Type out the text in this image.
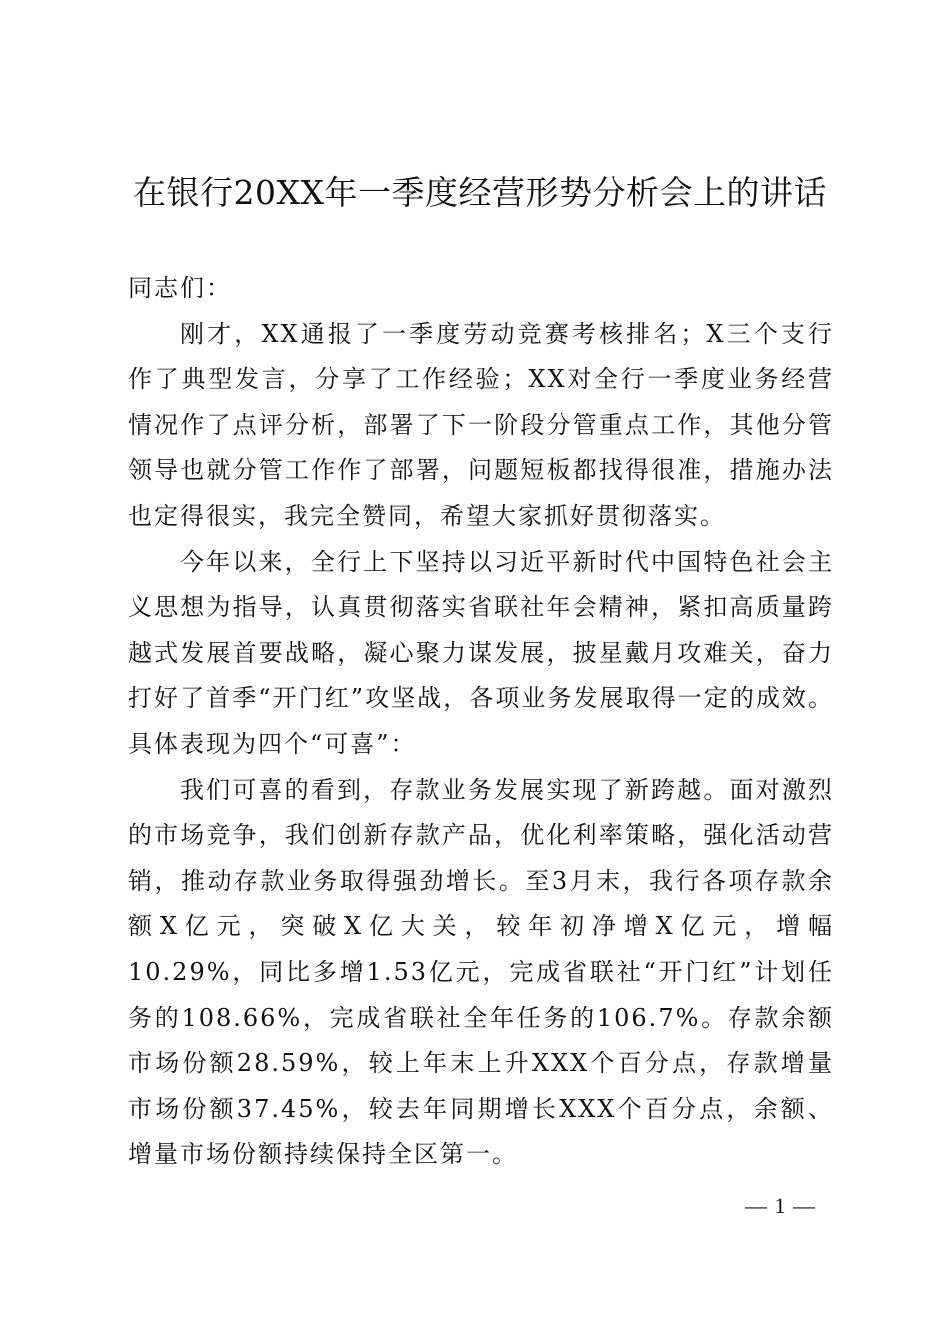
在银行20XX年一季度经营形势分析会上的讲话

同志们：

刚才，XX通报了一季度劳动竞赛考核排名；X三个支行作了典型发言，分享了工作经验；XX对全行一季度业务经营情况作了点评分析，部署了下一阶段分管重点工作，其他分管领导也就分管工作作了部署，问题短板都找得很准，措施办法也定得很实，我完全赞同，希望大家抓好贯彻落实。

今年以来，全行上下坚持以习近平新时代中国特色社会主义思想为指导，认真贯彻落实省联社年会精神，紧扣高质量跨越式发展首要战略，凝心聚力谋发展，披星戴月攻难关，奋力打好了首季“开门红”攻坚战，各项业务发展取得一定的成效。具体表现为四个“可喜”：

我们可喜的看到，存款业务发展实现了新跨越。面对激烈的市场竞争，我们创新存款产品，优化利率策略，强化活动营销，推动存款业务取得强劲增长。至3月末，我行各项存款余额X亿元，突破X亿大关，较年初净增X亿元，增幅10.29%，同比多增1.53亿元，完成省联社“开门红”计划任务的108.66%，完成省联社全年任务的106.7%。存款余额市场份额28.59%，较上年末上升XXX个百分点，存款增量市场份额37.45%，较去年同期增长XXX个百分点，余额、增量市场份额持续保持全区第一。

— 1 —
